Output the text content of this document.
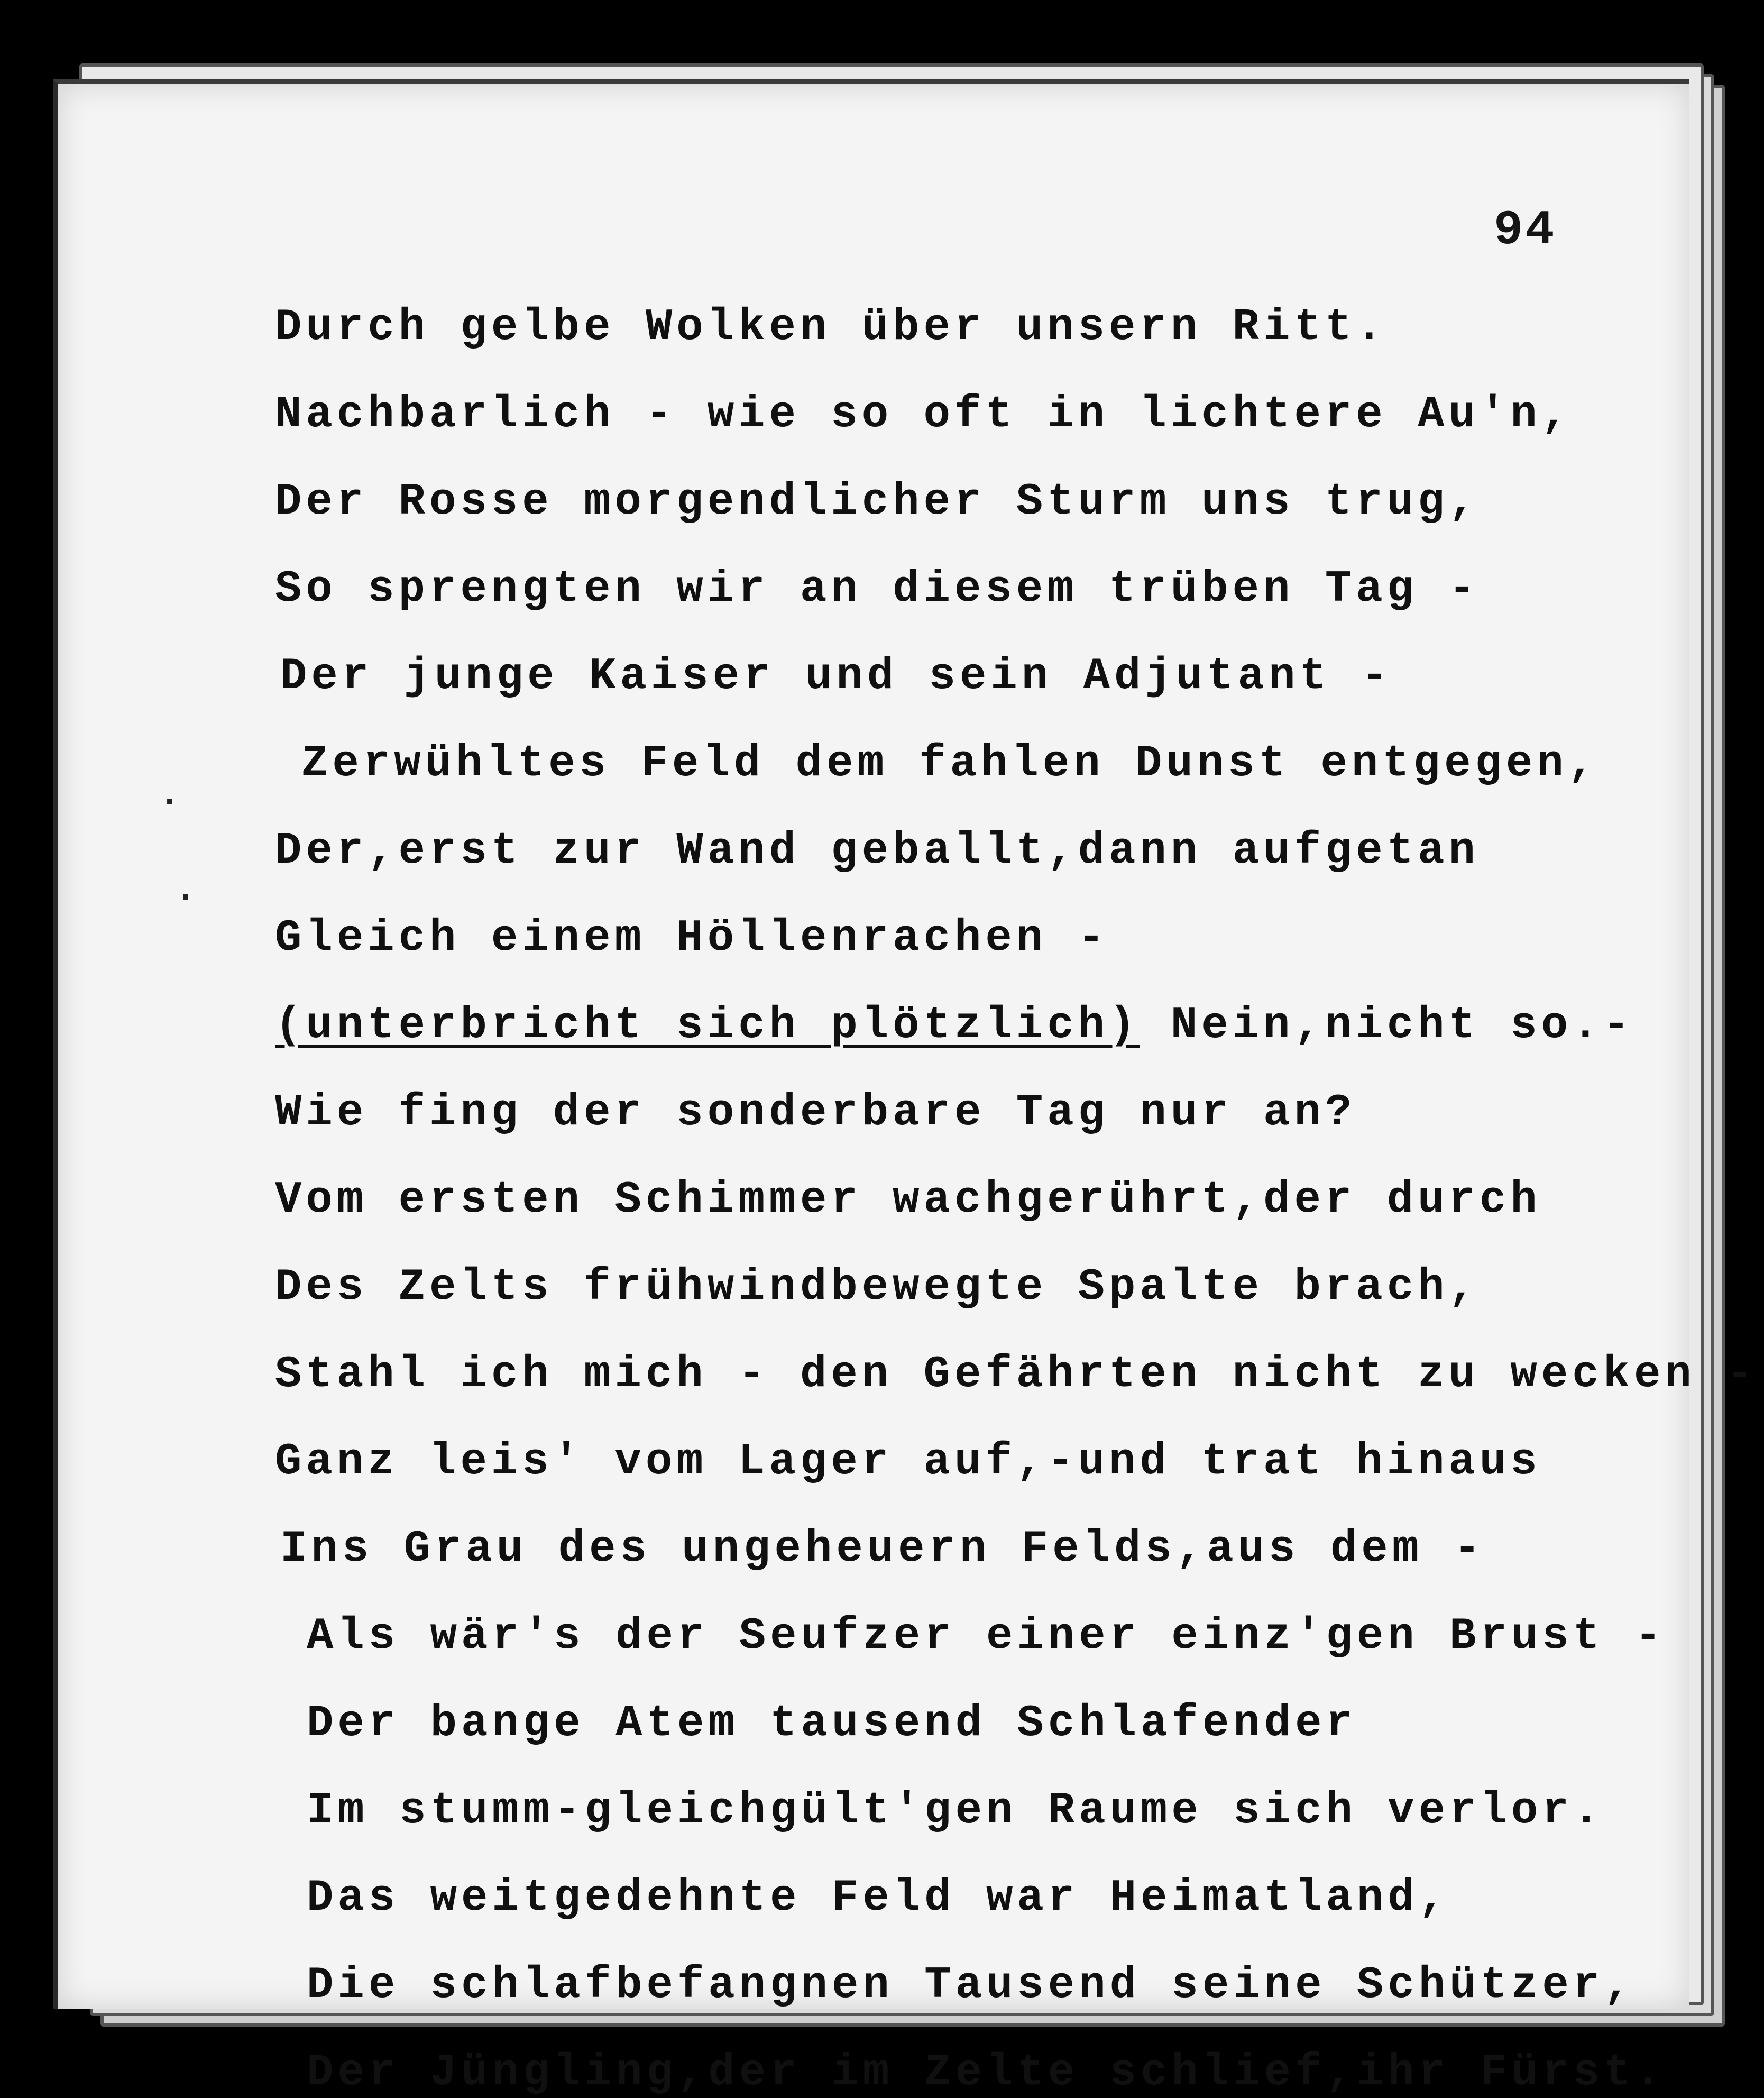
94
Durch gelbe Wolken über unsern Ritt.
Nachbarlich - wie so oft in lichtere Au'n,
Der Rosse morgendlicher Sturm uns trug,
So sprengten wir an diesem trüben Tag -
Der junge Kaiser und sein Adjutant -
Zerwühltes Feld dem fahlen Dunst entgegen,
Der,erst zur Wand geballt,dann aufgetan
Gleich einem Höllenrachen -
(unterbricht sich plötzlich) Nein,nicht so.-
Wie fing der sonderbare Tag nur an?
Vom ersten Schimmer wachgerührt,der durch
Des Zelts frühwindbewegte Spalte brach,
Stahl ich mich - den Gefährten nicht zu wecken -
Ganz leis' vom Lager auf,-und trat hinaus
Ins Grau des ungeheuern Felds,aus dem -
Als wär's der Seufzer einer einz'gen Brust -
Der bange Atem tausend Schlafender
Im stumm-gleichgült'gen Raume sich verlor.
Das weitgedehnte Feld war Heimatland,
Die schlafbefangnen Tausend seine Schützer,
Der Jüngling,der im Zelte schlief,ihr Fürst.
·
·
